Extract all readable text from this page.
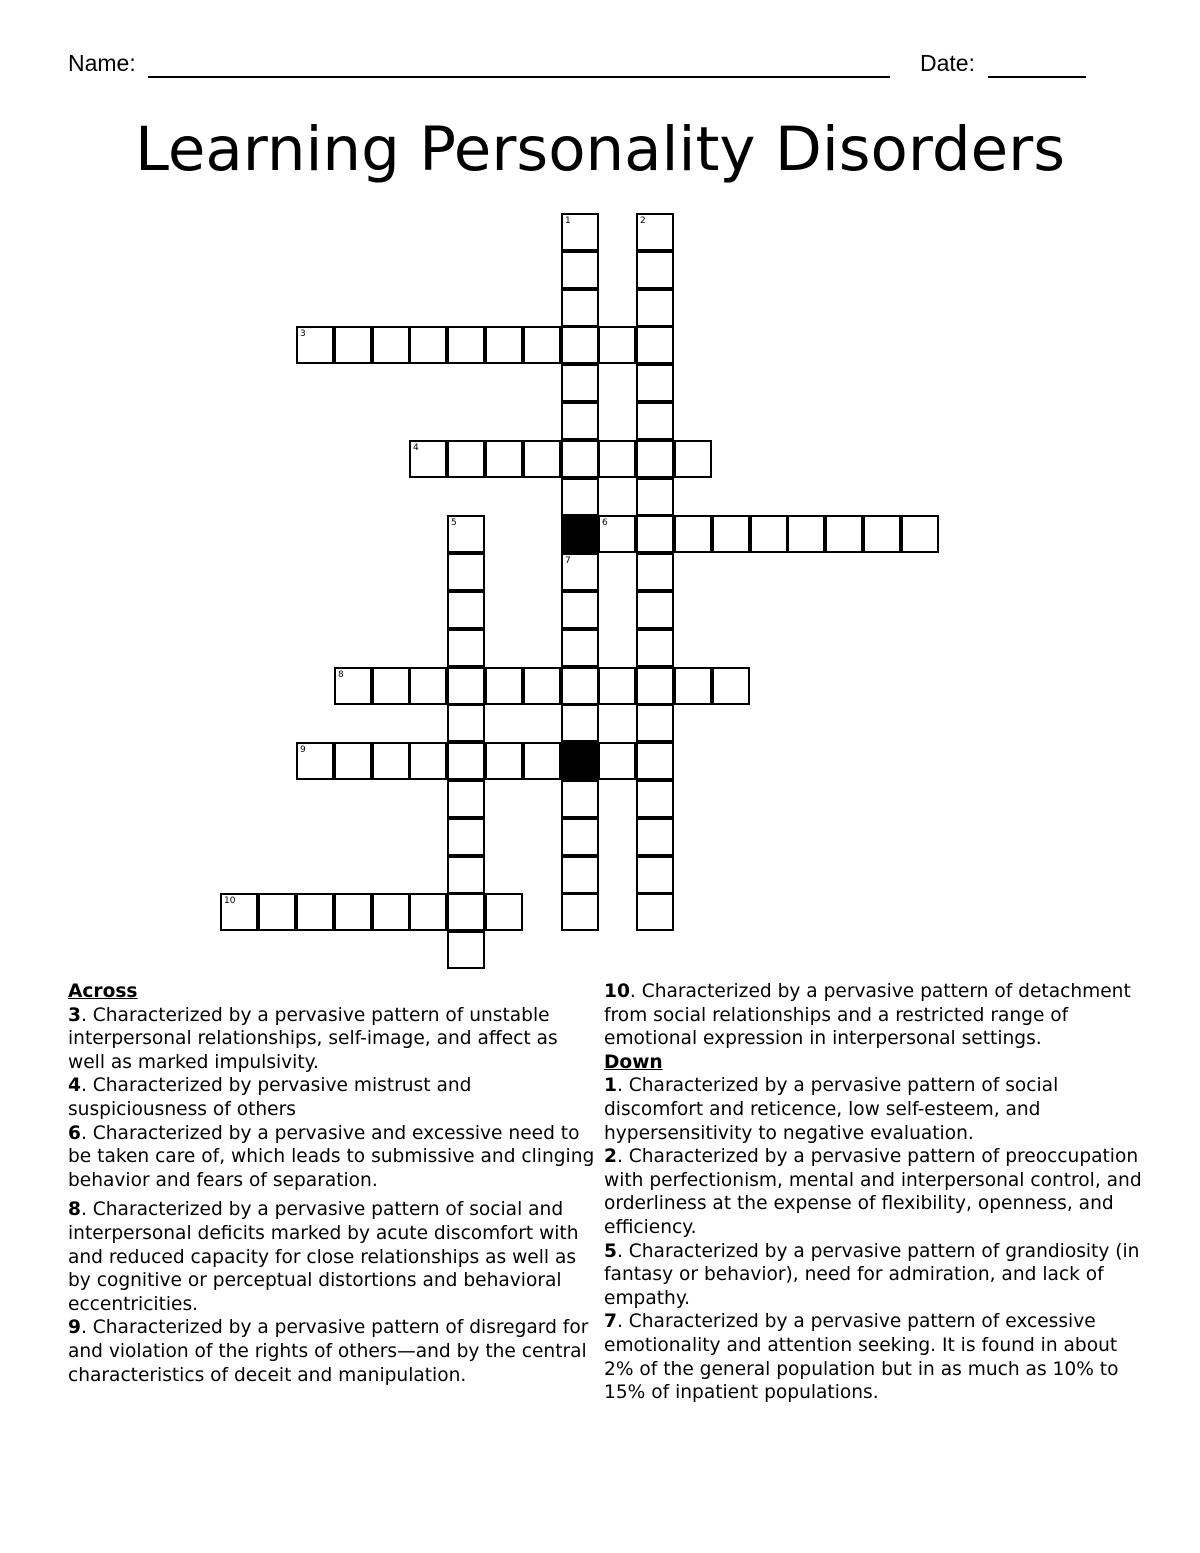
Name:	Date:
Learning Personality Disorders
1
7
2
3
4
5	6
8
9
10
Across
3. Characterized by a pervasive pattern of unstable interpersonal relationships, self-image, and affect as well as marked impulsivity.
4. Characterized by pervasive mistrust and suspiciousness of others
6. Characterized by a pervasive and excessive need to be taken care of, which leads to submissive and clinging behavior and fears of separation.
8. Characterized by a pervasive pattern of social and interpersonal deficits marked by acute discomfort with and reduced capacity for close relationships as well as by cognitive or perceptual distortions and behavioral eccentricities.
9. Characterized by a pervasive pattern of disregard for and violation of the rights of others—and by the central characteristics of deceit and manipulation.
10. Characterized by a pervasive pattern of detachment from social relationships and a restricted range of emotional expression in interpersonal settings.
Down
1. Characterized by a pervasive pattern of social discomfort and reticence, low self-esteem, and hypersensitivity to negative evaluation.
2. Characterized by a pervasive pattern of preoccupation with perfectionism, mental and interpersonal control, and orderliness at the expense of flexibility, openness, and efficiency.
5. Characterized by a pervasive pattern of grandiosity (in fantasy or behavior), need for admiration, and lack of empathy.
7. Characterized by a pervasive pattern of excessive emotionality and attention seeking. It is found in about 2% of the general population but in as much as 10% to 15% of inpatient populations.
